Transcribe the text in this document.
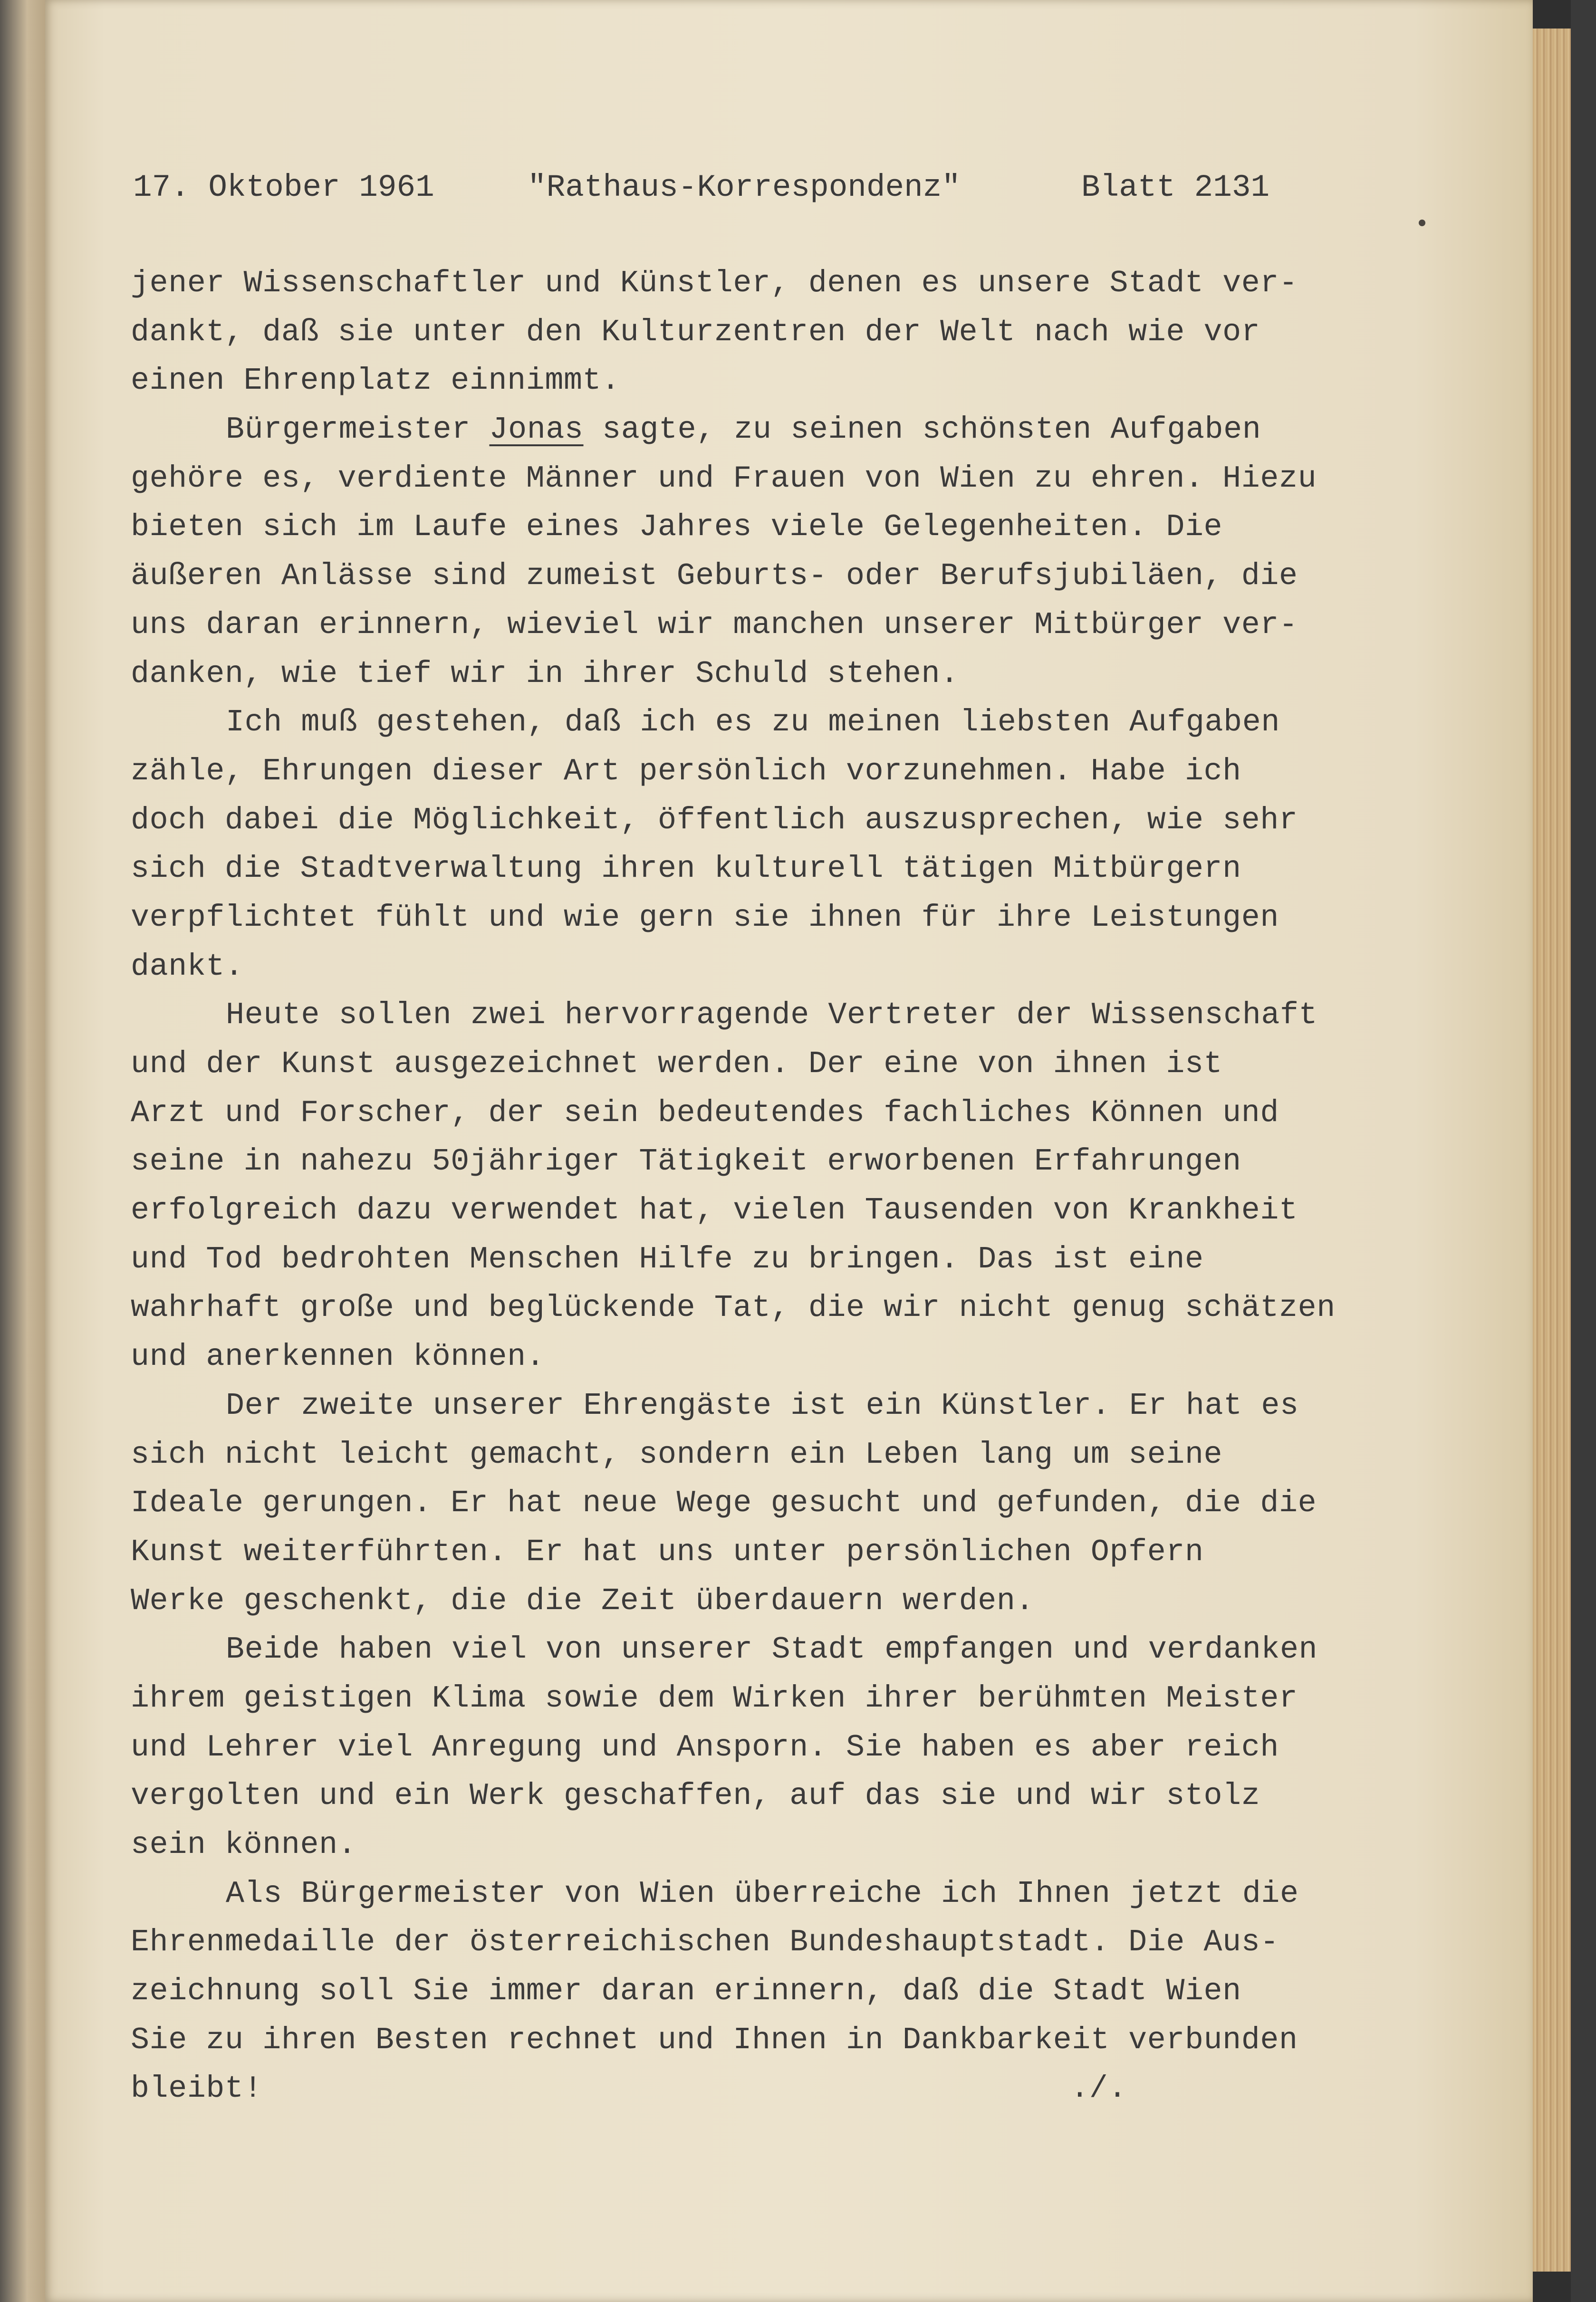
17. Oktober 1961	"Rathaus-Korrespondenz"	Blatt 2131
jener Wissenschaftler und Künstler, denen es unsere Stadt ver-
dankt, daß sie unter den Kulturzentren der Welt nach wie vor
einen Ehrenplatz einnimmt.
Bürgermeister Jonas sagte, zu seinen schönsten Aufgaben
gehöre es, verdiente Männer und Frauen von Wien zu ehren. Hiezu
bieten sich im Laufe eines Jahres viele Gelegenheiten. Die
äußeren Anlässe sind zumeist Geburts- oder Berufsjubiläen, die
uns daran erinnern, wieviel wir manchen unserer Mitbürger ver-
danken, wie tief wir in ihrer Schuld stehen.
Ich muß gestehen, daß ich es zu meinen liebsten Aufgaben
zähle, Ehrungen dieser Art persönlich vorzunehmen. Habe ich
doch dabei die Möglichkeit, öffentlich auszusprechen, wie sehr
sich die Stadtverwaltung ihren kulturell tätigen Mitbürgern
verpflichtet fühlt und wie gern sie ihnen für ihre Leistungen
dankt.
Heute sollen zwei hervorragende Vertreter der Wissenschaft
und der Kunst ausgezeichnet werden. Der eine von ihnen ist
Arzt und Forscher, der sein bedeutendes fachliches Können und
seine in nahezu 50jähriger Tätigkeit erworbenen Erfahrungen
erfolgreich dazu verwendet hat, vielen Tausenden von Krankheit
und Tod bedrohten Menschen Hilfe zu bringen. Das ist eine
wahrhaft große und beglückende Tat, die wir nicht genug schätzen
und anerkennen können.
Der zweite unserer Ehrengäste ist ein Künstler. Er hat es
sich nicht leicht gemacht, sondern ein Leben lang um seine
Ideale gerungen. Er hat neue Wege gesucht und gefunden, die die
Kunst weiterführten. Er hat uns unter persönlichen Opfern
Werke geschenkt, die die Zeit überdauern werden.
Beide haben viel von unserer Stadt empfangen und verdanken
ihrem geistigen Klima sowie dem Wirken ihrer berühmten Meister
und Lehrer viel Anregung und Ansporn. Sie haben es aber reich
vergolten und ein Werk geschaffen, auf das sie und wir stolz
sein können.
Als Bürgermeister von Wien überreiche ich Ihnen jetzt die
Ehrenmedaille der österreichischen Bundeshauptstadt. Die Aus-
zeichnung soll Sie immer daran erinnern, daß die Stadt Wien
Sie zu ihren Besten rechnet und Ihnen in Dankbarkeit verbunden
bleibt!	./.
